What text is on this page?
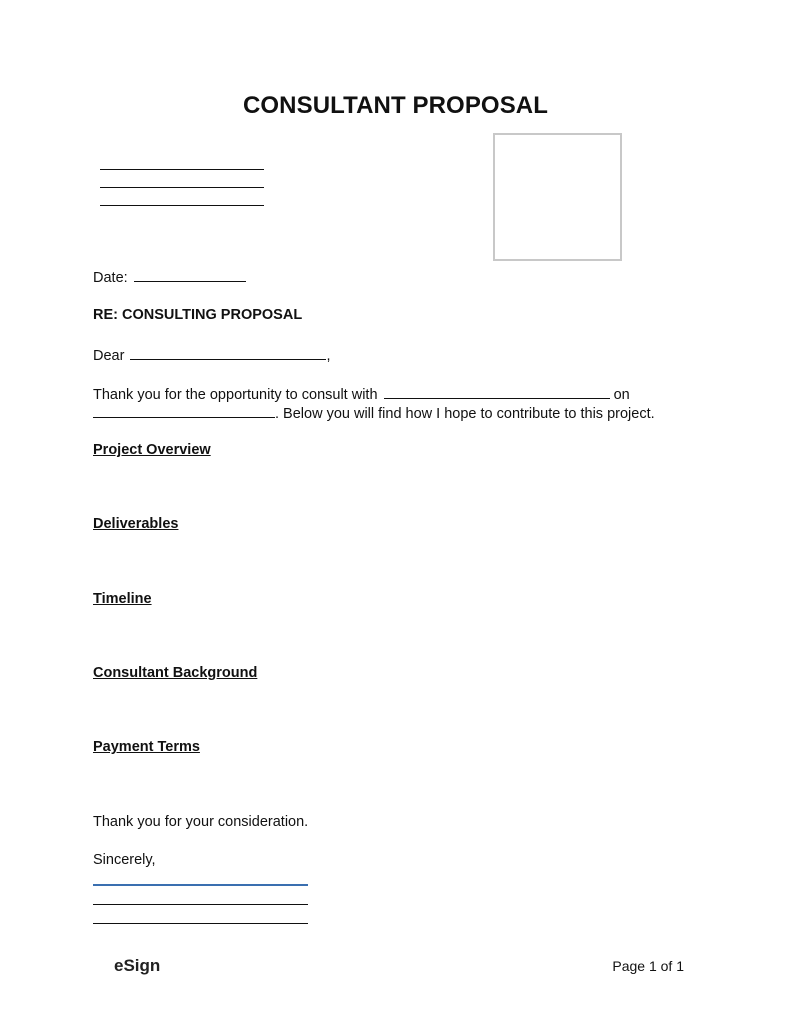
CONSULTANT PROPOSAL
Date:
RE: CONSULTING PROPOSAL
Dear	,
Thank you for the opportunity to consult with	on
. Below you will find how I hope to contribute to this project.
Project Overview
Deliverables
Timeline
Consultant Background
Payment Terms
Thank you for your consideration.
Sincerely,
eSign	Page 1 of 1
